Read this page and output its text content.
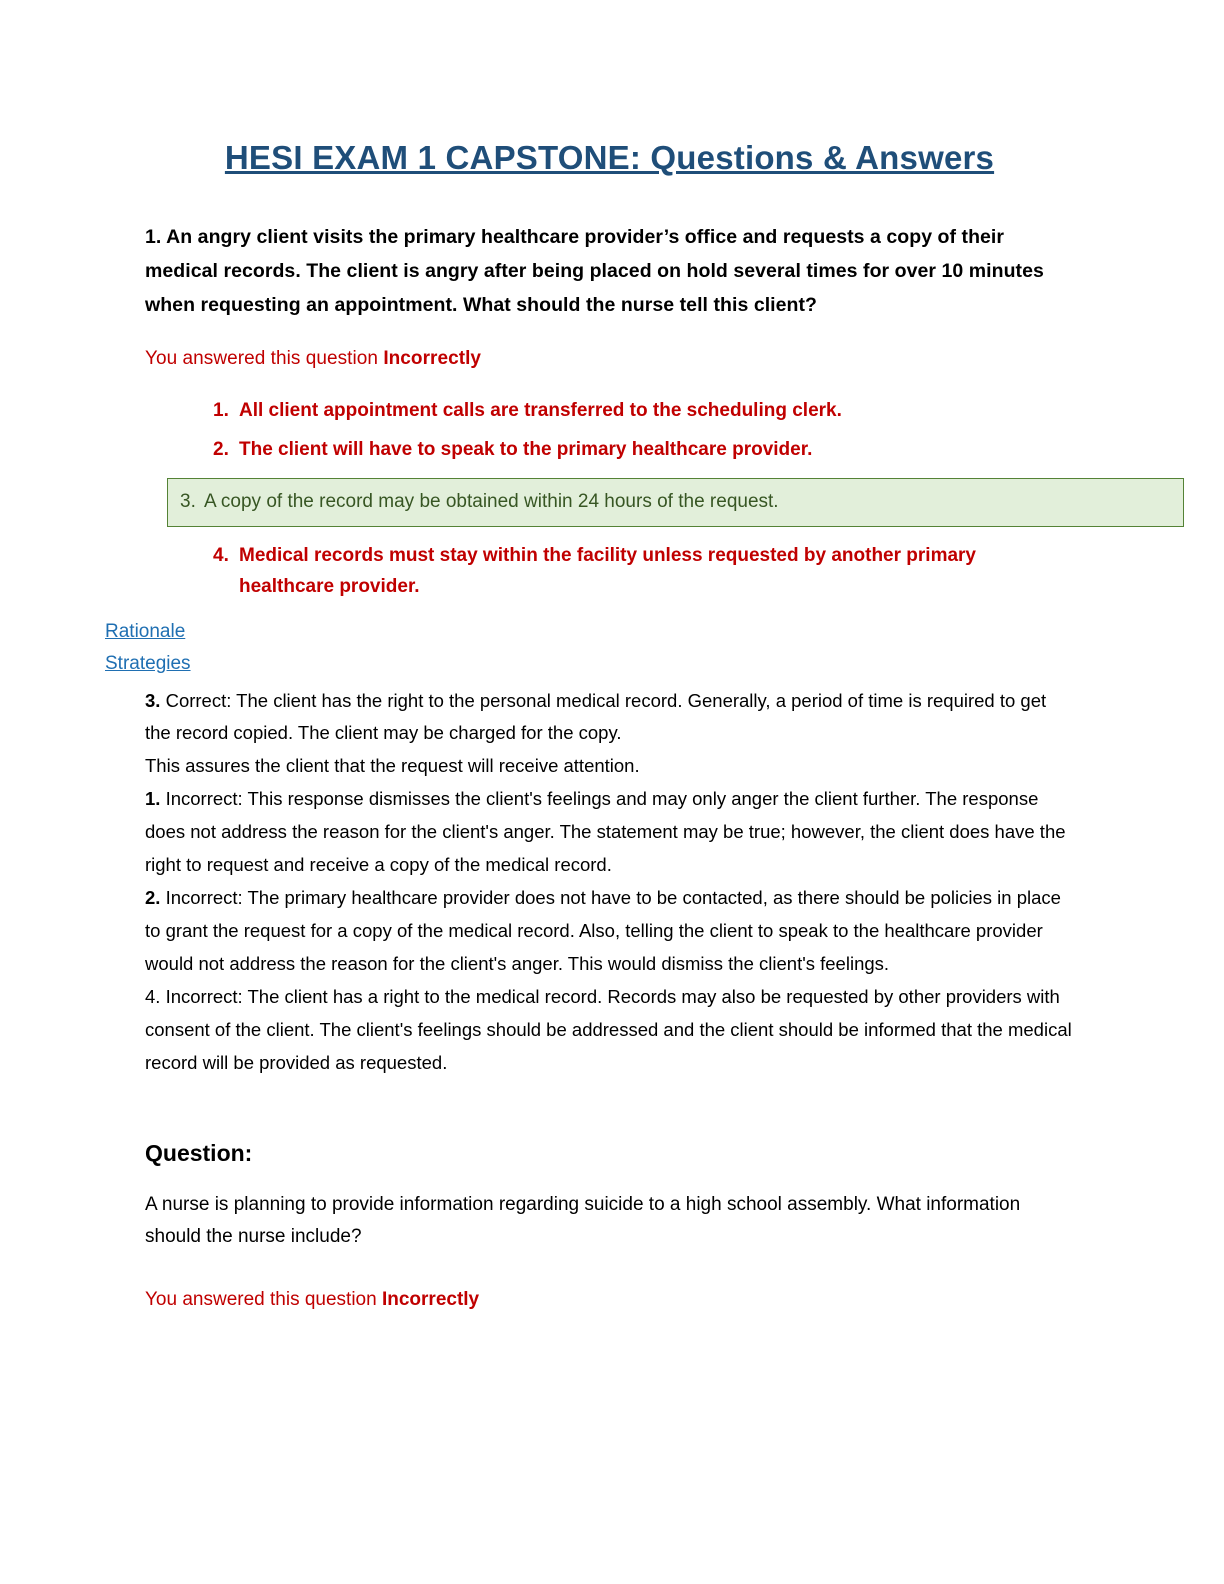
HESI EXAM 1 CAPSTONE: Questions & Answers
1. An angry client visits the primary healthcare provider’s office and requests a copy of their medical records. The client is angry after being placed on hold several times for over 10 minutes when requesting an appointment. What should the nurse tell this client?
You answered this question Incorrectly
1. All client appointment calls are transferred to the scheduling clerk.
2. The client will have to speak to the primary healthcare provider.
3. A copy of the record may be obtained within 24 hours of the request.
4. Medical records must stay within the facility unless requested by another primary healthcare provider.
Rationale
Strategies

3. Correct: The client has the right to the personal medical record. Generally, a period of time is required to get the record copied. The client may be charged for the copy.

This assures the client that the request will receive attention.

1. Incorrect: This response dismisses the client's feelings and may only anger the client further. The response does not address the reason for the client's anger. The statement may be true; however, the client does have the right to request and receive a copy of the medical record.

2. Incorrect: The primary healthcare provider does not have to be contacted, as there should be policies in place to grant the request for a copy of the medical record. Also, telling the client to speak to the healthcare provider would not address the reason for the client's anger. This would dismiss the client's feelings.

4. Incorrect: The client has a right to the medical record. Records may also be requested by other providers with consent of the client. The client's feelings should be addressed and the client should be informed that the medical record will be provided as requested.

Question:
A nurse is planning to provide information regarding suicide to a high school assembly. What information should the nurse include?
You answered this question Incorrectly
